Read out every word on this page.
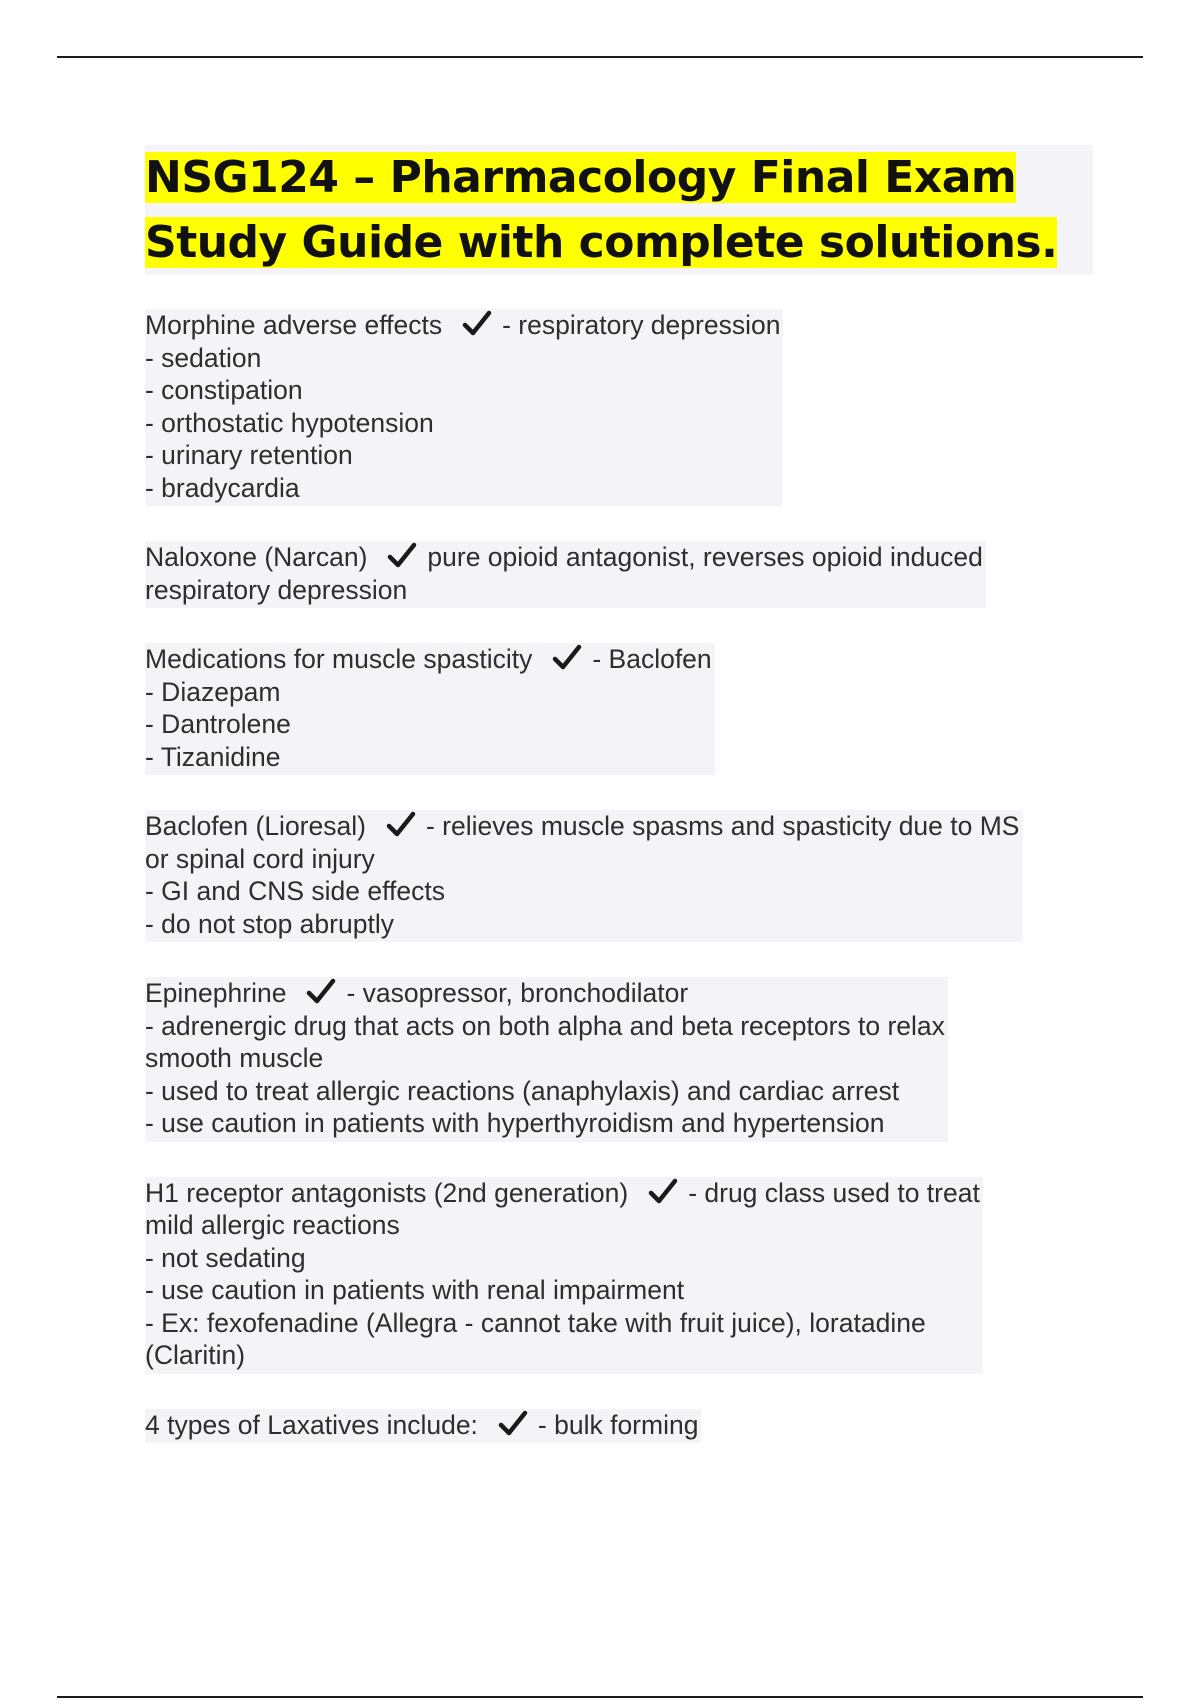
NSG124 – Pharmacology Final Exam
Study Guide with complete solutions.
Morphine adverse effects - respiratory depression
- sedation
- constipation
- orthostatic hypotension
- urinary retention
- bradycardia
Naloxone (Narcan) pure opioid antagonist, reverses opioid induced
respiratory depression
Medications for muscle spasticity - Baclofen
- Diazepam
- Dantrolene
- Tizanidine
Baclofen (Lioresal) - relieves muscle spasms and spasticity due to MS
or spinal cord injury
- GI and CNS side effects
- do not stop abruptly
Epinephrine - vasopressor, bronchodilator
- adrenergic drug that acts on both alpha and beta receptors to relax
smooth muscle
- used to treat allergic reactions (anaphylaxis) and cardiac arrest
- use caution in patients with hyperthyroidism and hypertension
H1 receptor antagonists (2nd generation) - drug class used to treat
mild allergic reactions
- not sedating
- use caution in patients with renal impairment
- Ex: fexofenadine (Allegra - cannot take with fruit juice), loratadine
(Claritin)
4 types of Laxatives include: - bulk forming
